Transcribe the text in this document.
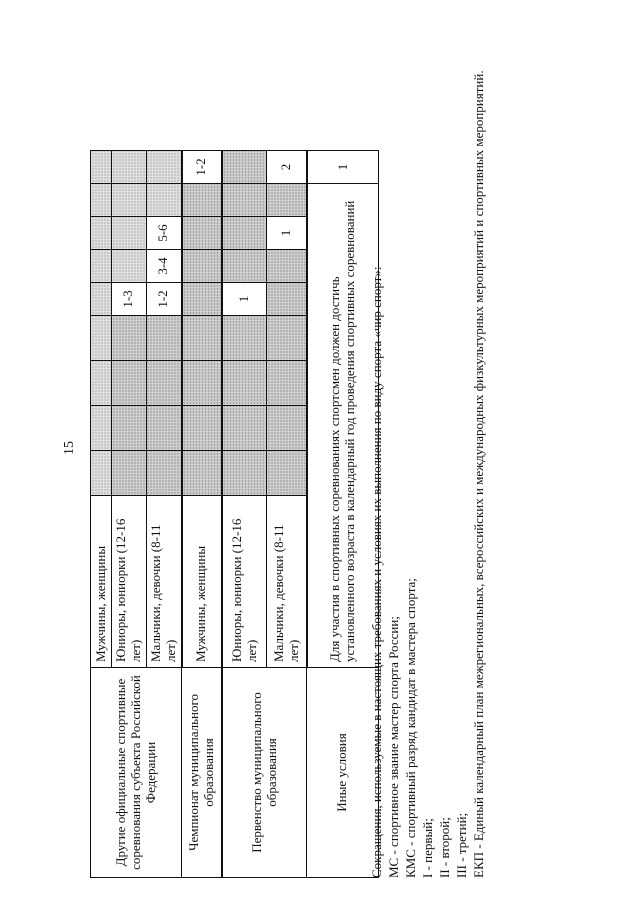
15
Другие официальные спортивные соревнования субъекта Российской Федерации	Мужчины, женщины									
	Юниоры, юниорки (12-16 лет)					1-3				
	Мальчики, девочки (8-11 лет)					1-2	3-4	5-6		
Чемпионат муниципального образования	Мужчины, женщины									1-2
Первенство муниципального образования	Юниоры, юниорки (12-16 лет)					1				
	Мальчики, девочки (8-11 лет)							1		2
Иные условия	Для участия в спортивных соревнованиях спортсмен должен достичь установленного возраста в календарный год проведения спортивных соревнований									1
Сокращения, используемые в настоящих требованиях и условиях их выполнения по виду спорта «чир спорт»: МС - спортивное звание мастер спорта России; КМС - спортивный разряд кандидат в мастера спорта; I - первый; II - второй; III - третий; ЕКП - Единый календарный план межрегиональных, всероссийских и международных физкультурных мероприятий и спортивных мероприятий.
